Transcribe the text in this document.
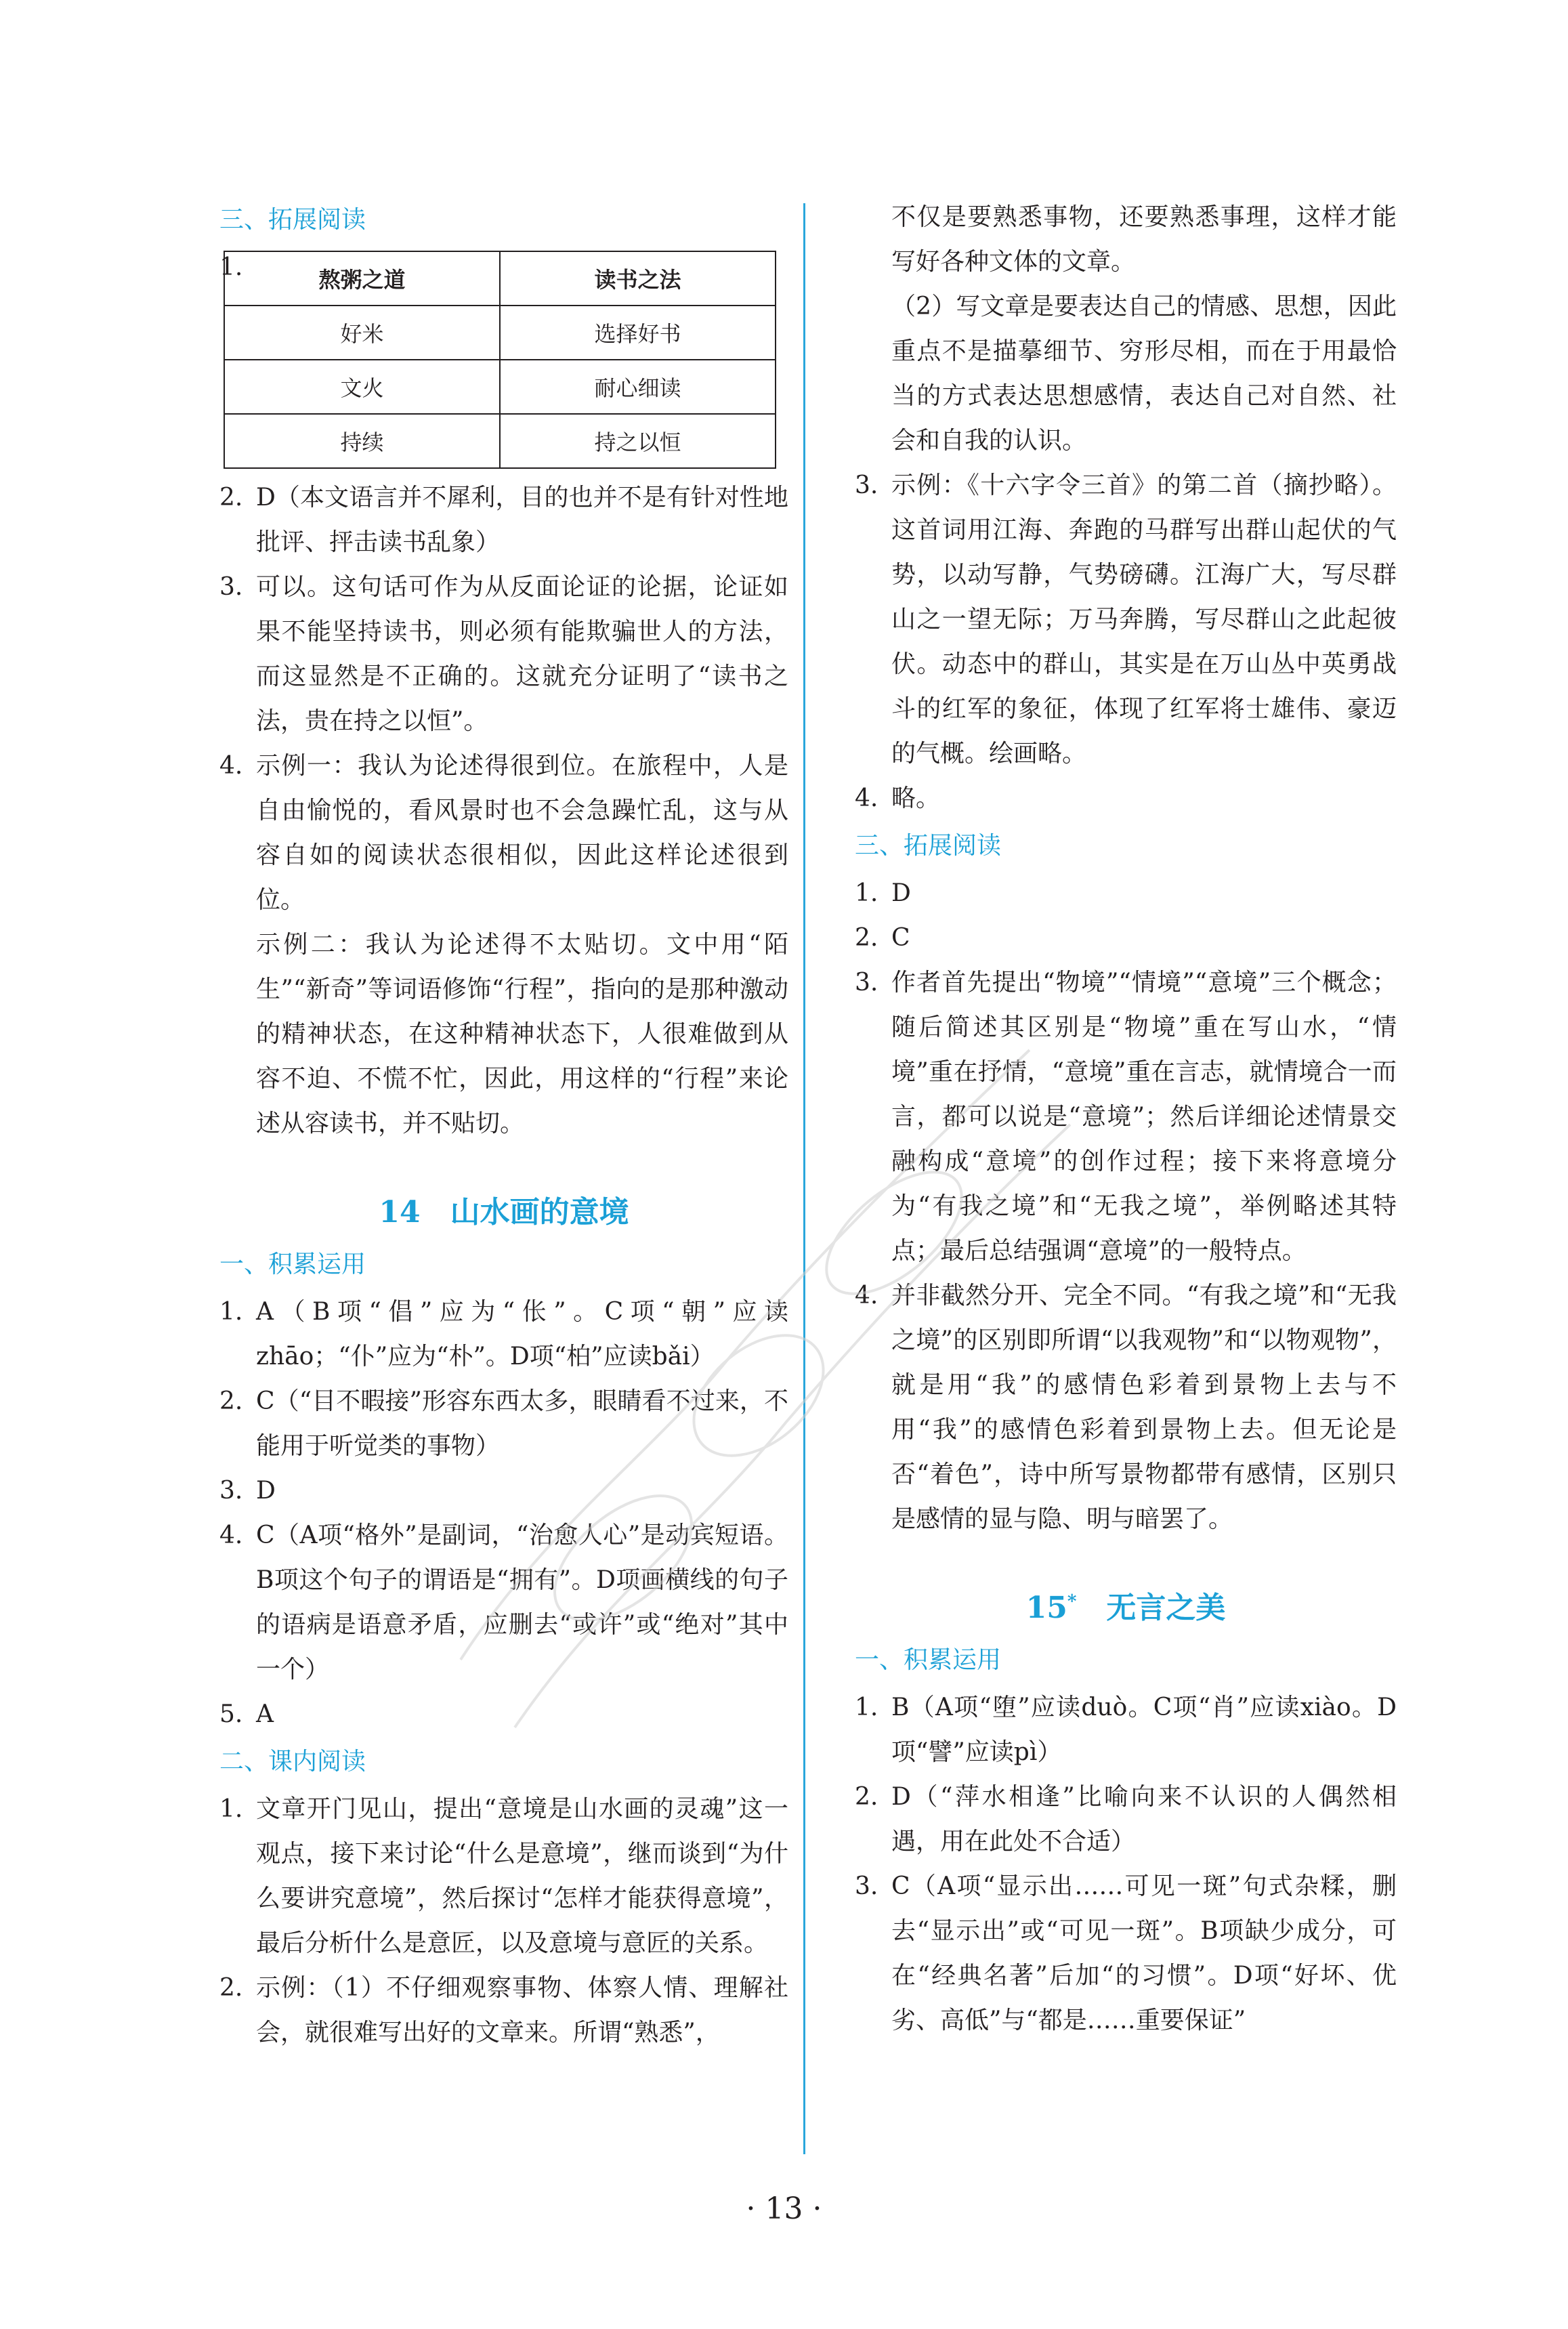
三、拓展阅读
1.	熬粥之道	读书之法
好米	选择好书
文火	耐心细读
持续	持之以恒
2. D（本文语言并不犀利，目的也并不是有针对性地批评、抨击读书乱象）
3. 可以。这句话可作为从反面论证的论据，论证如果不能坚持读书，则必须有能欺骗世人的方法，而这显然是不正确的。这就充分证明了“读书之法，贵在持之以恒”。
4. 示例一：我认为论述得很到位。在旅程中，人是自由愉悦的，看风景时也不会急躁忙乱，这与从容自如的阅读状态很相似，因此这样论述很到位。
示例二：我认为论述得不太贴切。文中用“陌生”“新奇”等词语修饰“行程”，指向的是那种激动的精神状态，在这种精神状态下，人很难做到从容不迫、不慌不忙，因此，用这样的“行程”来论述从容读书，并不贴切。
14　山水画的意境
一、积累运用
1. A（B项“倡”应为“伥”。C项“朝”应读zhāo；“仆”应为“朴”。D项“柏”应读bǎi）
2. C（“目不暇接”形容东西太多，眼睛看不过来，不能用于听觉类的事物）
3. D
4. C（A项“格外”是副词，“治愈人心”是动宾短语。B项这个句子的谓语是“拥有”。D项画横线的句子的语病是语意矛盾，应删去“或许”或“绝对”其中一个）
5. A
二、课内阅读
1. 文章开门见山，提出“意境是山水画的灵魂”这一观点，接下来讨论“什么是意境”，继而谈到“为什么要讲究意境”，然后探讨“怎样才能获得意境”，最后分析什么是意匠，以及意境与意匠的关系。
2. 示例：（1）不仔细观察事物、体察人情、理解社会，就很难写出好的文章来。所谓“熟悉”，
不仅是要熟悉事物，还要熟悉事理，这样才能写好各种文体的文章。
（2）写文章是要表达自己的情感、思想，因此重点不是描摹细节、穷形尽相，而在于用最恰当的方式表达思想感情，表达自己对自然、社会和自我的认识。
3. 示例：《十六字令三首》的第二首（摘抄略）。这首词用江海、奔跑的马群写出群山起伏的气势，以动写静，气势磅礴。江海广大，写尽群山之一望无际；万马奔腾，写尽群山之此起彼伏。动态中的群山，其实是在万山丛中英勇战斗的红军的象征，体现了红军将士雄伟、豪迈的气概。绘画略。
4. 略。
三、拓展阅读
1. D
2. C
3. 作者首先提出“物境”“情境”“意境”三个概念；随后简述其区别是“物境”重在写山水，“情境”重在抒情，“意境”重在言志，就情境合一而言，都可以说是“意境”；然后详细论述情景交融构成“意境”的创作过程；接下来将意境分为“有我之境”和“无我之境”，举例略述其特点；最后总结强调“意境”的一般特点。
4. 并非截然分开、完全不同。“有我之境”和“无我之境”的区别即所谓“以我观物”和“以物观物”，就是用“我”的感情色彩着到景物上去与不用“我”的感情色彩着到景物上去。但无论是否“着色”，诗中所写景物都带有感情，区别只是感情的显与隐、明与暗罢了。
15*　无言之美
一、积累运用
1. B（A项“堕”应读duò。C项“肖”应读xiào。D项“譬”应读pì）
2. D（“萍水相逢”比喻向来不认识的人偶然相遇，用在此处不合适）
3. C（A项“显示出……可见一斑”句式杂糅，删去“显示出”或“可见一斑”。B项缺少成分，可在“经典名著”后加“的习惯”。D项“好坏、优劣、高低”与“都是……重要保证”
· 13 ·
